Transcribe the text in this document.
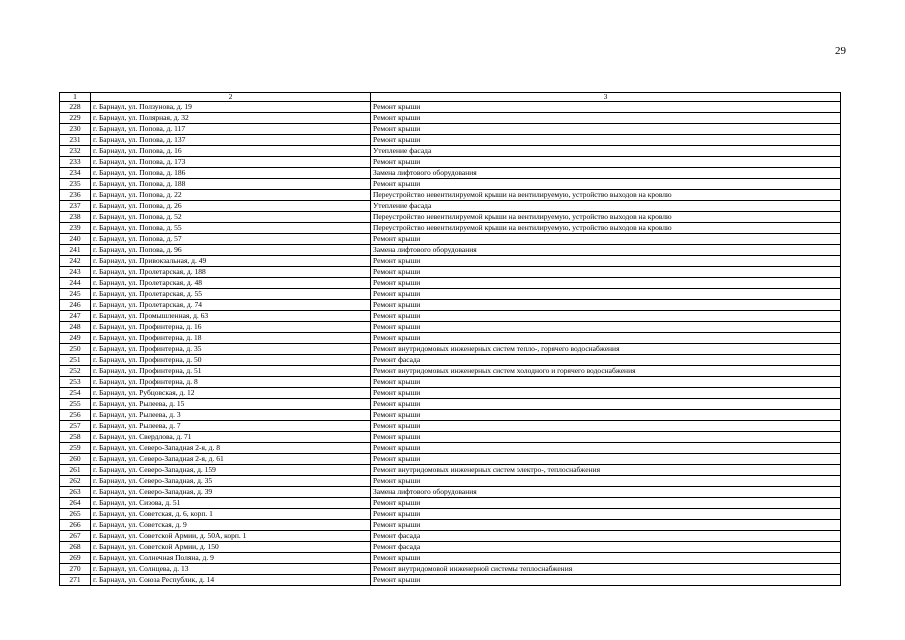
29
1	2	3
228	г. Барнаул, ул. Ползунова, д. 19	Ремонт крыши
229	г. Барнаул, ул. Полярная, д. 32	Ремонт крыши
230	г. Барнаул, ул. Попова, д. 117	Ремонт крыши
231	г. Барнаул, ул. Попова, д. 137	Ремонт крыши
232	г. Барнаул, ул. Попова, д. 16	Утепление фасада
233	г. Барнаул, ул. Попова, д. 173	Ремонт крыши
234	г. Барнаул, ул. Попова, д. 186	Замена лифтового оборудования
235	г. Барнаул, ул. Попова, д. 188	Ремонт крыши
236	г. Барнаул, ул. Попова, д. 22	Переустройство невентилируемой крыши на вентилируемую, устройство выходов на кровлю
237	г. Барнаул, ул. Попова, д. 26	Утепление фасада
238	г. Барнаул, ул. Попова, д. 52	Переустройство невентилируемой крыши на вентилируемую, устройство выходов на кровлю
239	г. Барнаул, ул. Попова, д. 55	Переустройство невентилируемой крыши на вентилируемую, устройство выходов на кровлю
240	г. Барнаул, ул. Попова, д. 57	Ремонт крыши
241	г. Барнаул, ул. Попова, д. 96	Замена лифтового оборудования
242	г. Барнаул, ул. Привокзальная, д. 49	Ремонт крыши
243	г. Барнаул, ул. Пролетарская, д. 188	Ремонт крыши
244	г. Барнаул, ул. Пролетарская, д. 48	Ремонт крыши
245	г. Барнаул, ул. Пролетарская, д. 55	Ремонт крыши
246	г. Барнаул, ул. Пролетарская, д. 74	Ремонт крыши
247	г. Барнаул, ул. Промышленная, д. 63	Ремонт крыши
248	г. Барнаул, ул. Профинтерна, д. 16	Ремонт крыши
249	г. Барнаул, ул. Профинтерна, д. 18	Ремонт крыши
250	г. Барнаул, ул. Профинтерна, д. 35	Ремонт внутридомовых инженерных систем тепло-, горячего водоснабжения
251	г. Барнаул, ул. Профинтерна, д. 50	Ремонт фасада
252	г. Барнаул, ул. Профинтерна, д. 51	Ремонт внутридомовых инженерных систем холодного и горячего водоснабжения
253	г. Барнаул, ул. Профинтерна, д. 8	Ремонт крыши
254	г. Барнаул, ул. Рубцовская, д. 12	Ремонт крыши
255	г. Барнаул, ул. Рылеева, д. 15	Ремонт крыши
256	г. Барнаул, ул. Рылеева, д. 3	Ремонт крыши
257	г. Барнаул, ул. Рылеева, д. 7	Ремонт крыши
258	г. Барнаул, ул. Свердлова, д. 71	Ремонт крыши
259	г. Барнаул, ул. Северо-Западная 2-я, д. 8	Ремонт крыши
260	г. Барнаул, ул. Северо-Западная 2-я, д. 61	Ремонт крыши
261	г. Барнаул, ул. Северо-Западная, д. 159	Ремонт внутридомовых инженерных систем электро-, теплоснабжения
262	г. Барнаул, ул. Северо-Западная, д. 35	Ремонт крыши
263	г. Барнаул, ул. Северо-Западная, д. 39	Замена лифтового оборудования
264	г. Барнаул, ул. Сизова, д. 51	Ремонт крыши
265	г. Барнаул, ул. Советская, д. 6, корп. 1	Ремонт крыши
266	г. Барнаул, ул. Советская, д. 9	Ремонт крыши
267	г. Барнаул, ул. Советской Армии, д. 50А, корп. 1	Ремонт фасада
268	г. Барнаул, ул. Советской Армии, д. 150	Ремонт фасада
269	г. Барнаул, ул. Солнечная Поляна, д. 9	Ремонт крыши
270	г. Барнаул, ул. Солнцева, д. 13	Ремонт внутридомовой инженерной системы теплоснабжения
271	г. Барнаул, ул. Союза Республик, д. 14	Ремонт крыши
